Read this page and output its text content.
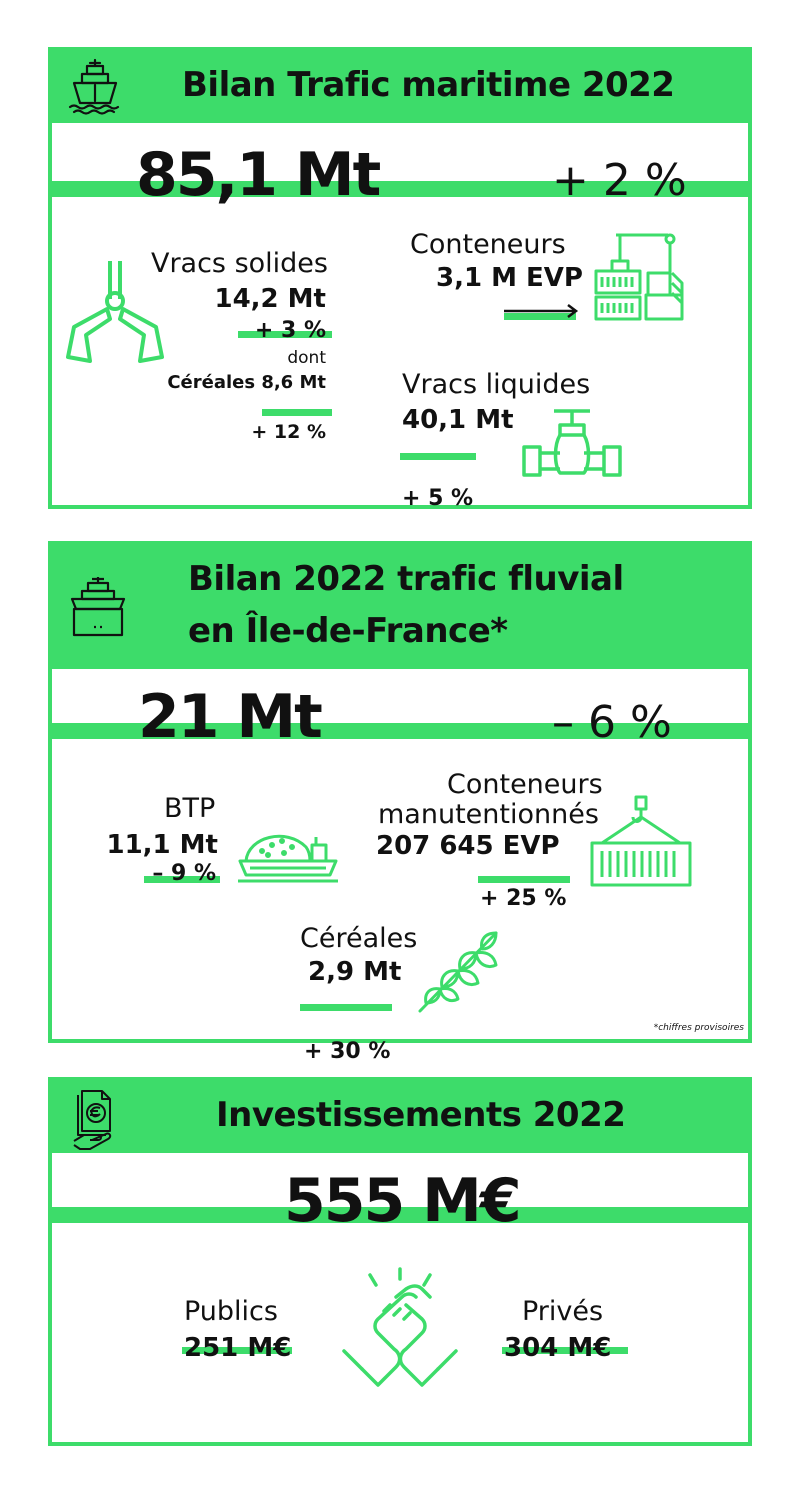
Bilan Trafic maritime 2022
85,1 Mt	+ 2 %
Vracs solides
14,2 Mt
+ 3 %
dont
Céréales 8,6 Mt
+ 12 %
Conteneurs
3,1 M EVP
Vracs liquides
40,1 Mt
+ 5 %
Bilan 2022 trafic fluvial
en Île-de-France*
21 Mt	– 6 %
BTP
11,1 Mt
– 9 %
Conteneurs
manutentionnés
207 645 EVP
+ 25 %
Céréales
2,9 Mt
+ 30 %
*chiffres provisoires
Investissements 2022
555 M€
Publics
251 M€
Privés
304 M€
